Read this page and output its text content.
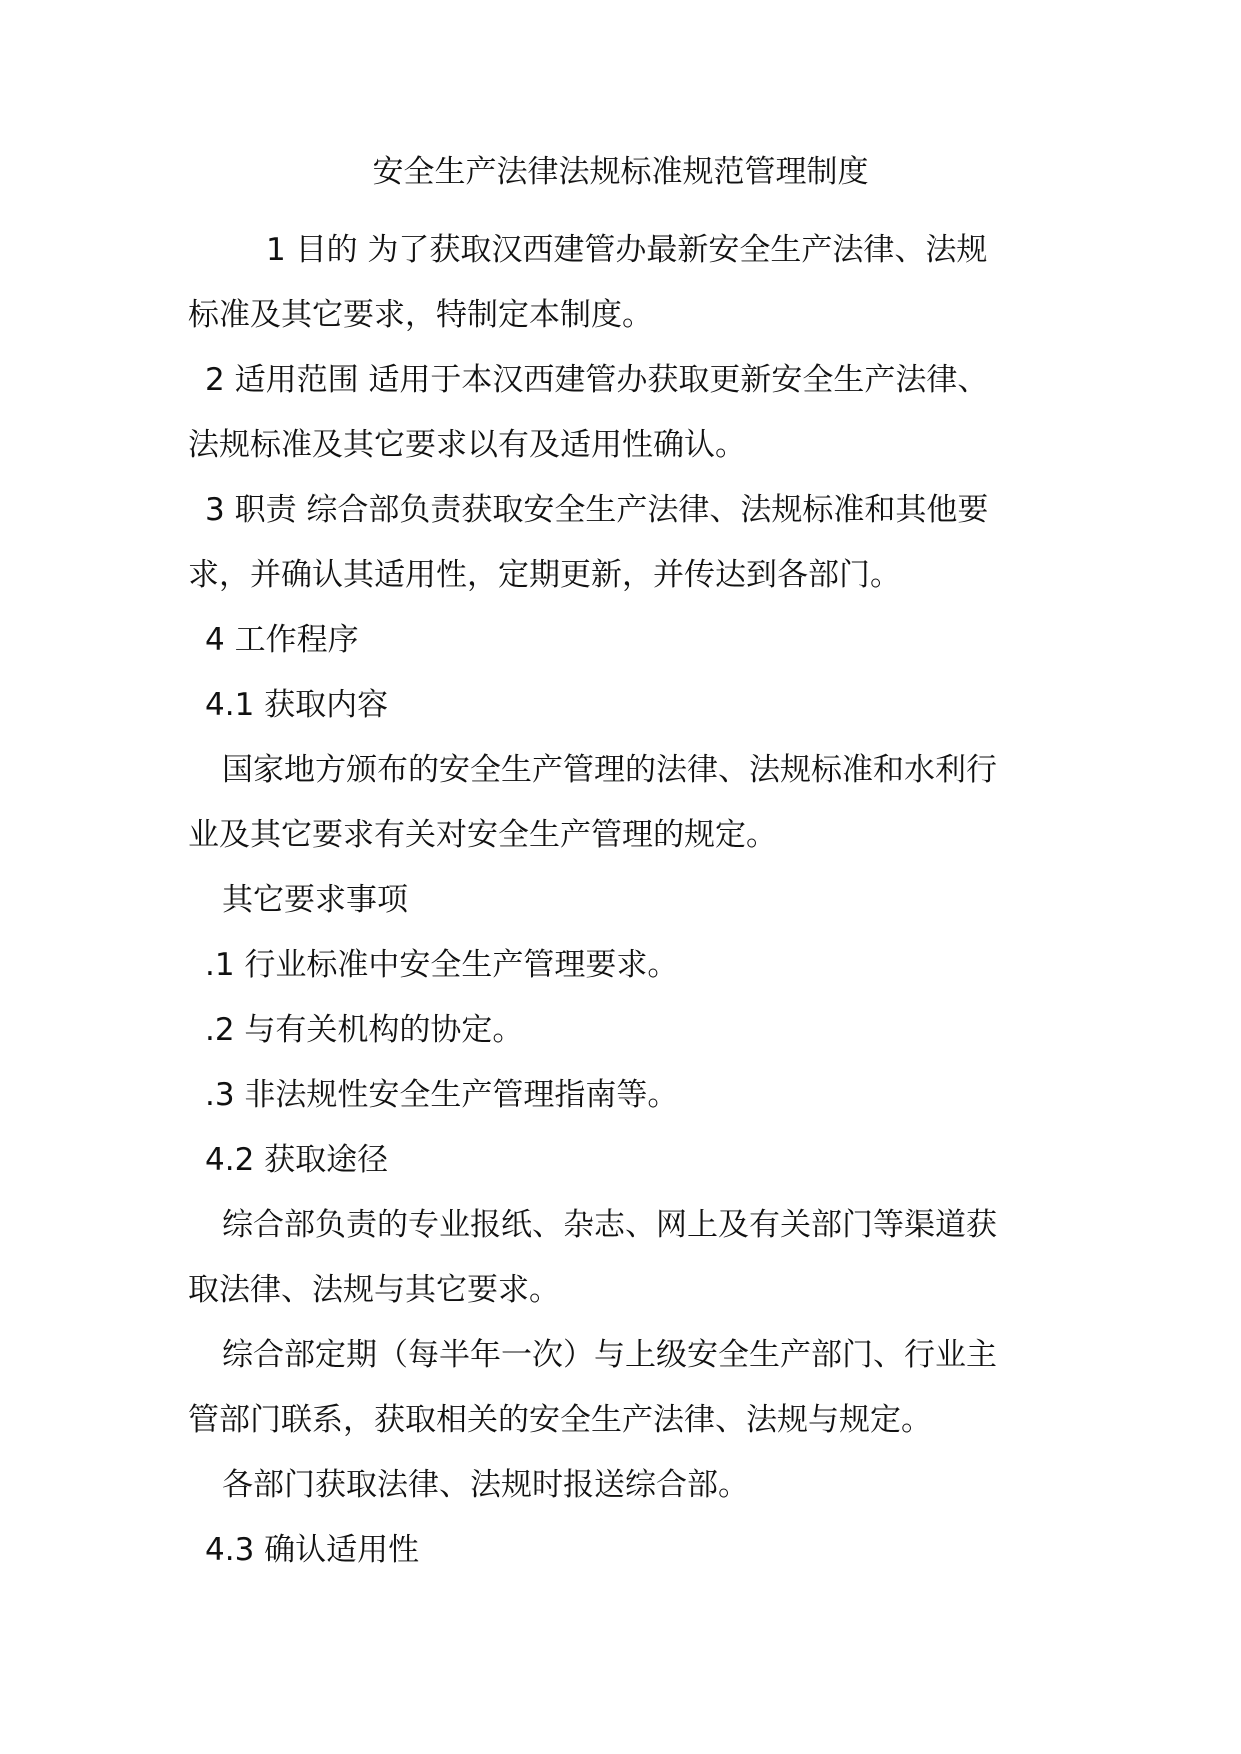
安全生产法律法规标准规范管理制度

1 目的 为了获取汉西建管办最新安全生产法律、法规

标准及其它要求，特制定本制度。

2 适用范围 适用于本汉西建管办获取更新安全生产法律、

法规标准及其它要求以有及适用性确认。

3 职责 综合部负责获取安全生产法律、法规标准和其他要

求，并确认其适用性，定期更新，并传达到各部门。

4 工作程序

4.1 获取内容

国家地方颁布的安全生产管理的法律、法规标准和水利行

业及其它要求有关对安全生产管理的规定。

其它要求事项

.1 行业标准中安全生产管理要求。

.2 与有关机构的协定。

.3 非法规性安全生产管理指南等。

4.2 获取途径

综合部负责的专业报纸、杂志、网上及有关部门等渠道获

取法律、法规与其它要求。

综合部定期（每半年一次）与上级安全生产部门、行业主

管部门联系，获取相关的安全生产法律、法规与规定。

各部门获取法律、法规时报送综合部。

4.3 确认适用性
